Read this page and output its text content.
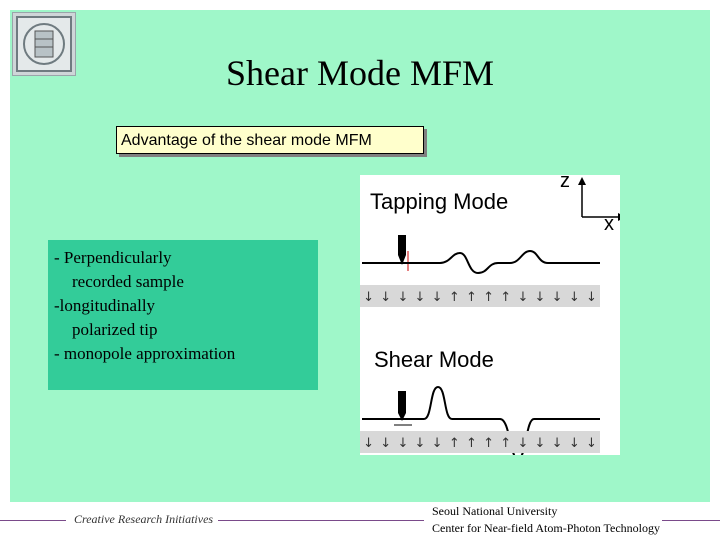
Shear Mode MFM
Advantage of the shear mode MFM
- Perpendicularly
recorded sample
-longitudinally
polarized tip
- monopole approximation
z
x
Tapping Mode
↓ ↓ ↓ ↓ ↓ ↑ ↑ ↑ ↑ ↓ ↓ ↓ ↓ ↓
Shear Mode
↓ ↓ ↓ ↓ ↓ ↑ ↑ ↑ ↑ ↓ ↓ ↓ ↓ ↓
Creative Research Initiatives
Seoul National University
Center for Near-field Atom-Photon Technology
